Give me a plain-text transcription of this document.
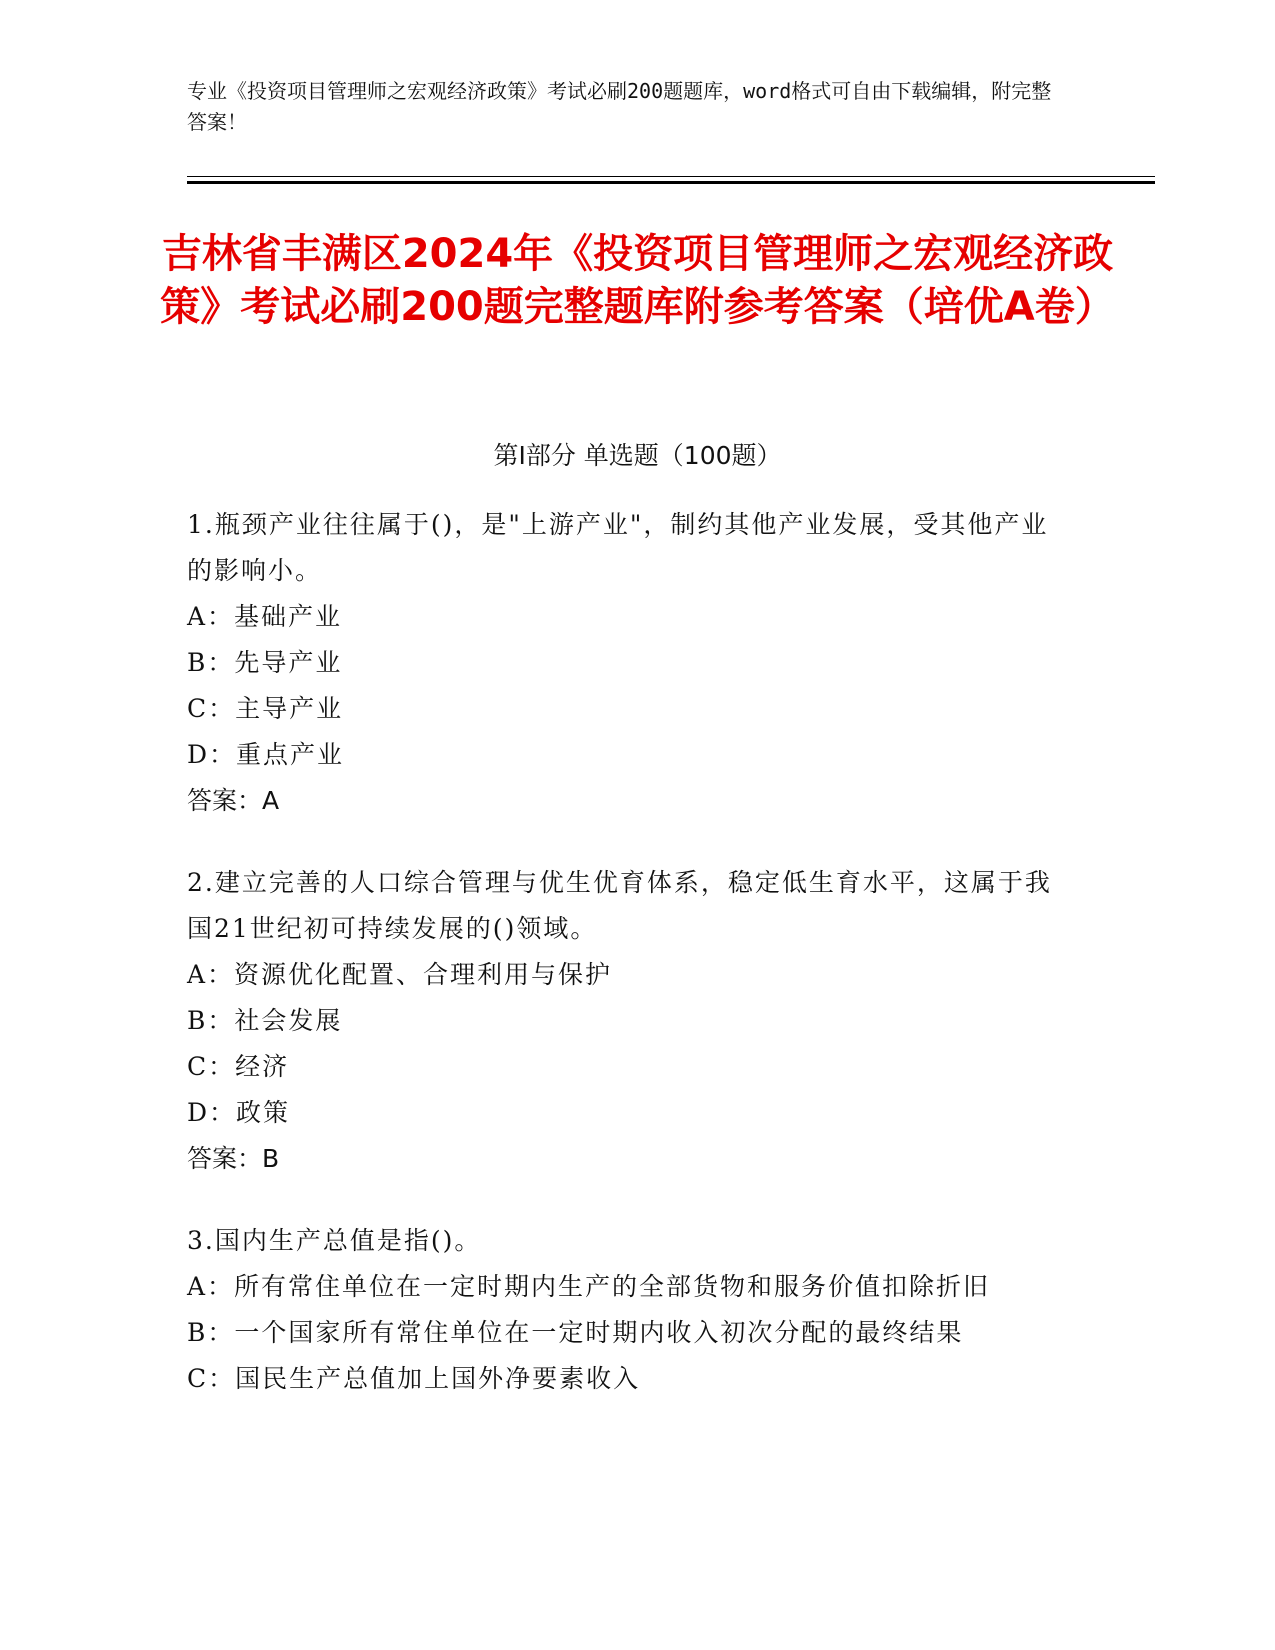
专业《投资项目管理师之宏观经济政策》考试必刷200题题库，word格式可自由下载编辑，附完整答案！
吉林省丰满区2024年《投资项目管理师之宏观经济政策》考试必刷200题完整题库附参考答案（培优A卷）
第Ⅰ部分 单选题（100题）
1.瓶颈产业往往属于()，是"上游产业"，制约其他产业发展，受其他产业的影响小。
A：基础产业
B：先导产业
C：主导产业
D：重点产业
答案：A
2.建立完善的人口综合管理与优生优育体系，稳定低生育水平，这属于我国21世纪初可持续发展的()领域。
A：资源优化配置、合理利用与保护
B：社会发展
C：经济
D：政策
答案：B
3.国内生产总值是指()。
A：所有常住单位在一定时期内生产的全部货物和服务价值扣除折旧
B：一个国家所有常住单位在一定时期内收入初次分配的最终结果
C：国民生产总值加上国外净要素收入
